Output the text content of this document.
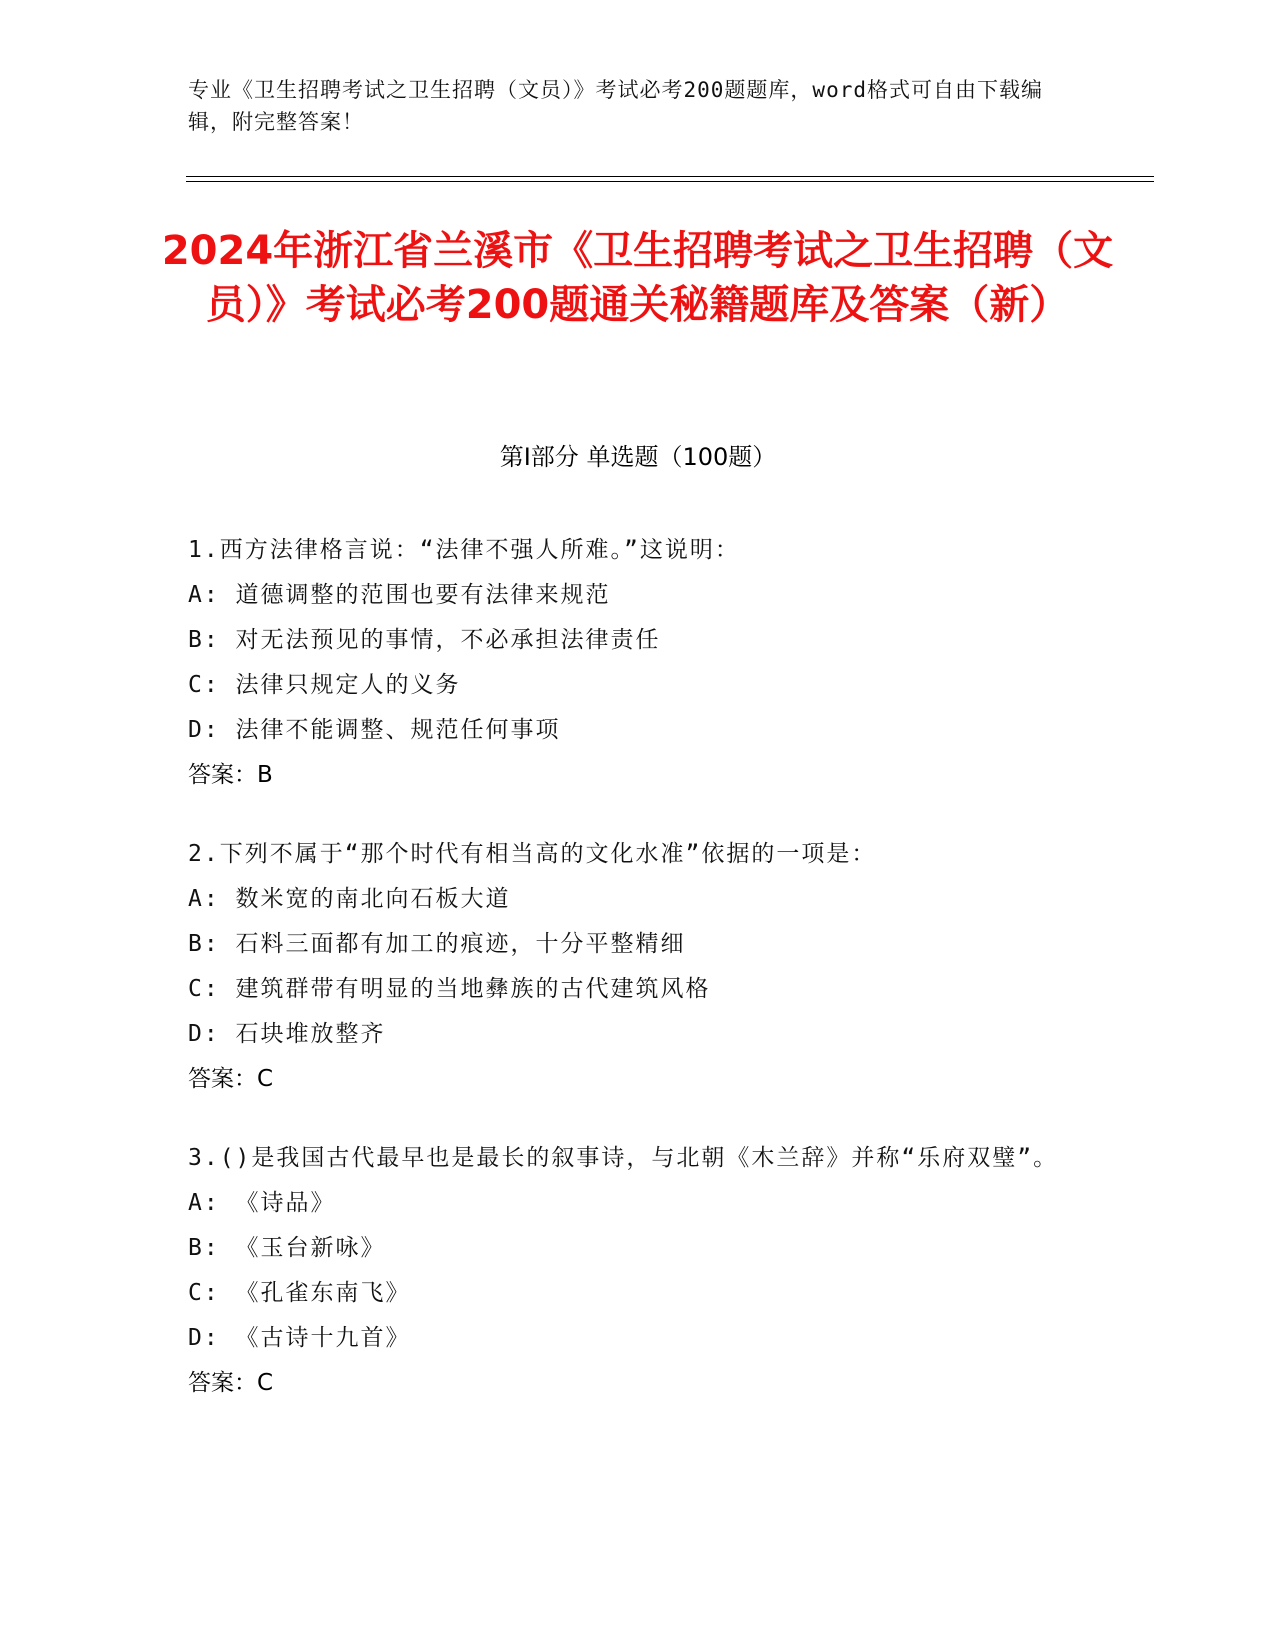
专业《卫生招聘考试之卫生招聘（文员）》考试必考200题题库，word格式可自由下载编辑，附完整答案！
2024年浙江省兰溪市《卫生招聘考试之卫生招聘（文员）》考试必考200题通关秘籍题库及答案（新）
第Ⅰ部分 单选题（100题）
1.西方法律格言说：“法律不强人所难。”这说明：
A: 道德调整的范围也要有法律来规范
B: 对无法预见的事情，不必承担法律责任
C: 法律只规定人的义务
D: 法律不能调整、规范任何事项
答案：B
2.下列不属于“那个时代有相当高的文化水准”依据的一项是：
A: 数米宽的南北向石板大道
B: 石料三面都有加工的痕迹，十分平整精细
C: 建筑群带有明显的当地彝族的古代建筑风格
D: 石块堆放整齐
答案：C
3.()是我国古代最早也是最长的叙事诗，与北朝《木兰辞》并称“乐府双璧”。
A: 《诗品》
B: 《玉台新咏》
C: 《孔雀东南飞》
D: 《古诗十九首》
答案：C
